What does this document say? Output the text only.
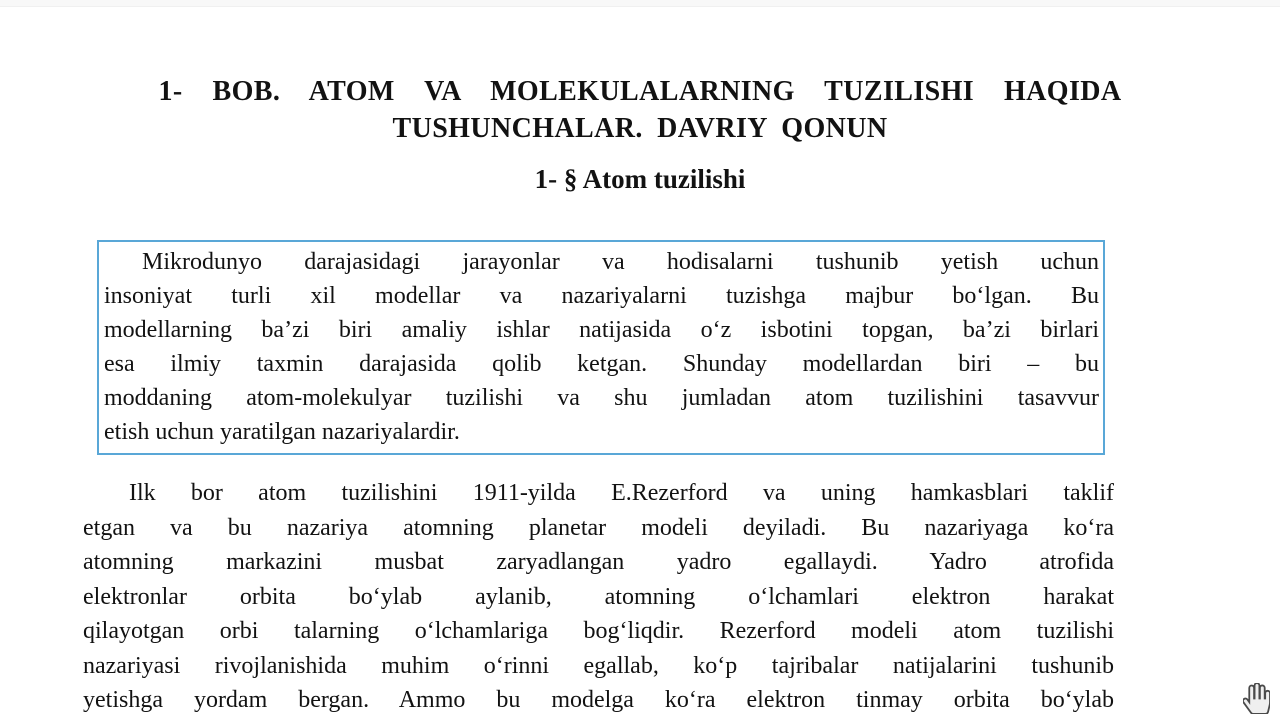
1- BOB. ATOM VA MOLEKULALARNING TUZILISHI HAQIDA
TUSHUNCHALAR. DAVRIY QONUN
1- § Atom tuzilishi
Mikrodunyo darajasidagi jarayonlar va hodisalarni tushunib yetish uchun
insoniyat turli xil modellar va nazariyalarni tuzishga majbur boʻlgan. Bu
modellarning baʼzi biri amaliy ishlar natijasida oʻz isbotini topgan, baʼzi birlari
esa ilmiy taxmin darajasida qolib ketgan. Shunday modellardan biri – bu
moddaning atom-molekulyar tuzilishi va shu jumladan atom tuzilishini tasavvur
etish uchun yaratilgan nazariyalardir.
Ilk bor atom tuzilishini 1911-yilda E.Rezerford va uning hamkasblari taklif
etgan va bu nazariya atomning planetar modeli deyiladi. Bu nazariyaga koʻra
atomning markazini musbat zaryadlangan yadro egallaydi. Yadro atrofida
elektronlar orbita boʻylab aylanib, atomning oʻlchamlari elektron harakat
qilayotgan orbi talarning oʻlchamlariga bogʻliqdir. Rezerford modeli atom tuzilishi
nazariyasi rivojlanishida muhim oʻrinni egallab, koʻp tajribalar natijalarini tushunib
yetishga yordam bergan. Ammo bu modelga koʻra elektron tinmay orbita boʻylab
